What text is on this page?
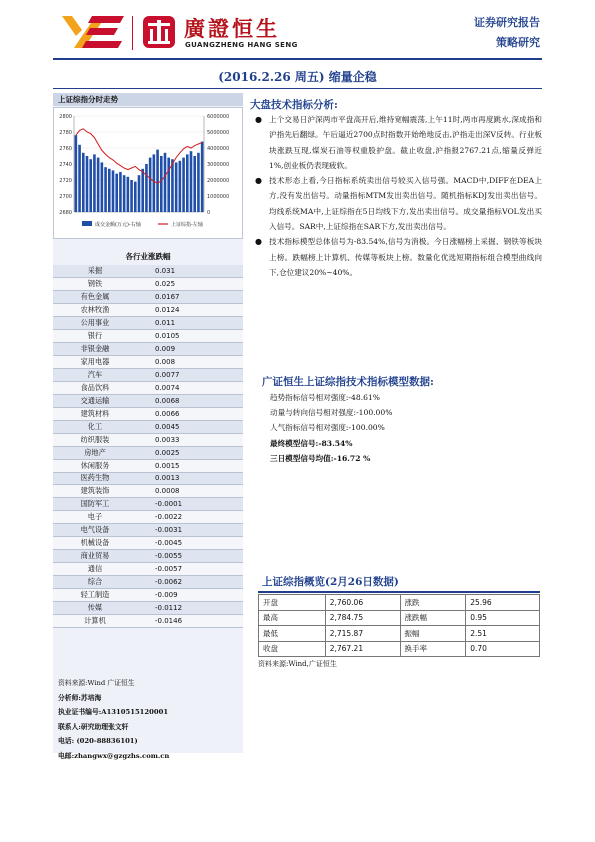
廣證恒生
GUANGZHENG HANG SENG
证券研究报告
策略研究
(2016.2.26 周五) 缩量企稳
上证综指分时走势
2800
2780
2760
2740
2720
2700
2680
6000000
5000000
4000000
3000000
2000000
1000000
0
成交金额(万元)-右轴	上证综指-左轴
各行业涨跌幅
采掘	0.031
钢铁	0.025
有色金属	0.0167
农林牧渔	0.0124
公用事业	0.011
银行	0.0105
非银金融	0.009
家用电器	0.008
汽车	0.0077
食品饮料	0.0074
交通运输	0.0068
建筑材料	0.0066
化工	0.0045
纺织服装	0.0033
房地产	0.0025
休闲服务	0.0015
医药生物	0.0013
建筑装饰	0.0008
国防军工	-0.0001
电子	-0.0022
电气设备	-0.0031
机械设备	-0.0045
商业贸易	-0.0055
通信	-0.0057
综合	-0.0062
轻工制造	-0.009
传媒	-0.0112
计算机	-0.0146
资料来源:Wind 广证恒生
分析师:苏培海
执业证书编号:A1310515120001
联系人:研究助理张文轩
电话: (020-88836101)
电邮:zhangwx@gzgzhs.com.cn
大盘技术指标分析:
● 上个交易日沪深两市平盘高开后,维持宽幅震荡,上午11时,两市再度跳水,深成指和沪指先后翻绿。午后逼近2700点时指数开始绝地反击,沪指走出深V反转。行业板块涨跌互现,煤炭石油等权重股护盘。截止收盘,沪指报2767.21点,缩量反弹近1%,创业板仍表现疲软。
● 技术形态上看,今日指标系统卖出信号较买入信号强。MACD中,DIFF在DEA上方,没有发出信号。动量指标MTM发出卖出信号。随机指标KDJ发出卖出信号。均线系统MA中,上证综指在5日均线下方,发出卖出信号。成交量指标VOL发出买入信号。SAR中,上证综指在SAR下方,发出卖出信号。
● 技术指标模型总体信号为-83.54%,信号为消极。今日涨幅榜上采掘、钢铁等板块上榜。跌幅榜上计算机、传媒等板块上榜。数量化优选短期指标组合模型曲线向下,仓位建议20%~40%。
广证恒生上证综指技术指标模型数据:
趋势指标信号相对强度:-48.61%
动量与转向信号相对强度:-100.00%
人气指标信号相对强度:-100.00%
最终模型信号:-83.54%
三日模型信号均值:-16.72 %
上证综指概览(2月26日数据)
开盘	2,760.06	涨跌	25.96
最高	2,784.75	涨跌幅	0.95
最低	2,715.87	振幅	2.51
收盘	2,767.21	换手率	0.70
资料来源:Wind,广证恒生
